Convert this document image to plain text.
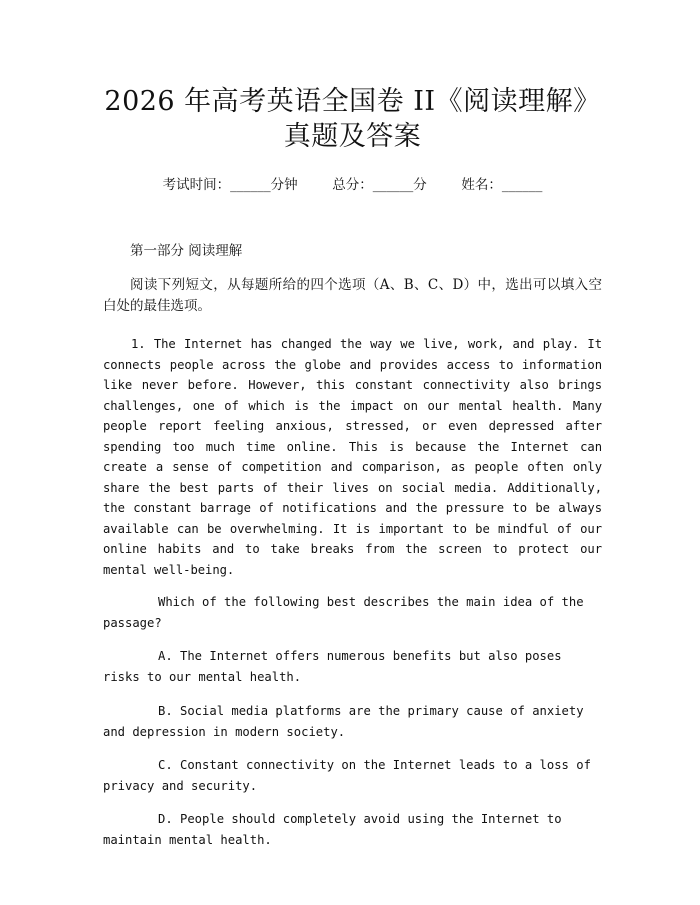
2026 年高考英语全国卷 II《阅读理解》真题及答案
考试时间：______分钟	总分：______分	姓名：______
第一部分 阅读理解

阅读下列短文，从每题所给的四个选项（A、B、C、D）中，选出可以填入空白处的最佳选项。

1. The Internet has changed the way we live, work, and play. It connects people across the globe and provides access to information like never before. However, this constant connectivity also brings challenges, one of which is the impact on our mental health. Many people report feeling anxious, stressed, or even depressed after spending too much time online. This is because the Internet can create a sense of competition and comparison, as people often only share the best parts of their lives on social media. Additionally, the constant barrage of notifications and the pressure to be always available can be overwhelming. It is important to be mindful of our online habits and to take breaks from the screen to protect our mental well-being.

Which of the following best describes the main idea of the passage?

A. The Internet offers numerous benefits but also poses risks to our mental health.

B. Social media platforms are the primary cause of anxiety and depression in modern society.

C. Constant connectivity on the Internet leads to a loss of privacy and security.

D. People should completely avoid using the Internet to maintain mental health.
